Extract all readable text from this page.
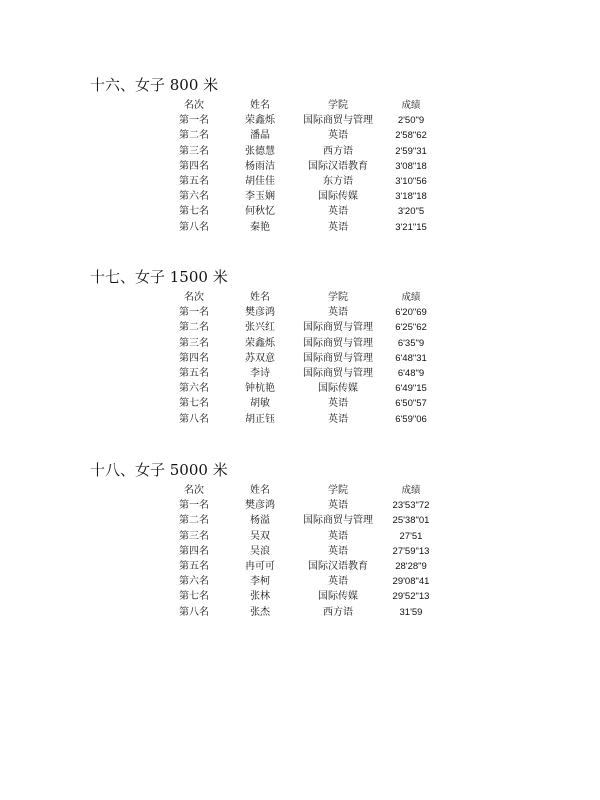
十六、女子 800 米
名次	姓名	学院	成绩
第一名	荣鑫烁	国际商贸与管理	2'50"9
第二名	潘晶	英语	2'58"62
第三名	张德慧	西方语	2'59"31
第四名	杨雨洁	国际汉语教育	3'08"18
第五名	胡佳佳	东方语	3'10"56
第六名	李玉娴	国际传媒	3'18"18
第七名	何秋忆	英语	3'20"5
第八名	秦艳	英语	3'21"15
十七、女子 1500 米
名次	姓名	学院	成绩
第一名	樊彦鸿	英语	6'20"69
第二名	张兴红	国际商贸与管理	6'25"62
第三名	荣鑫烁	国际商贸与管理	6'35"9
第四名	苏双意	国际商贸与管理	6'48"31
第五名	李诗	国际商贸与管理	6'48"9
第六名	钟杭艳	国际传媒	6'49"15
第七名	胡敏	英语	6'50"57
第八名	胡正钰	英语	6'59"06
十八、女子 5000 米
名次	姓名	学院	成绩
第一名	樊彦鸿	英语	23'53"72
第二名	杨溢	国际商贸与管理	25'38"01
第三名	吴双	英语	27'51
第四名	吴浪	英语	27'59"13
第五名	冉可可	国际汉语教育	28'28"9
第六名	李柯	英语	29'08"41
第七名	张林	国际传媒	29'52"13
第八名	张杰	西方语	31'59
